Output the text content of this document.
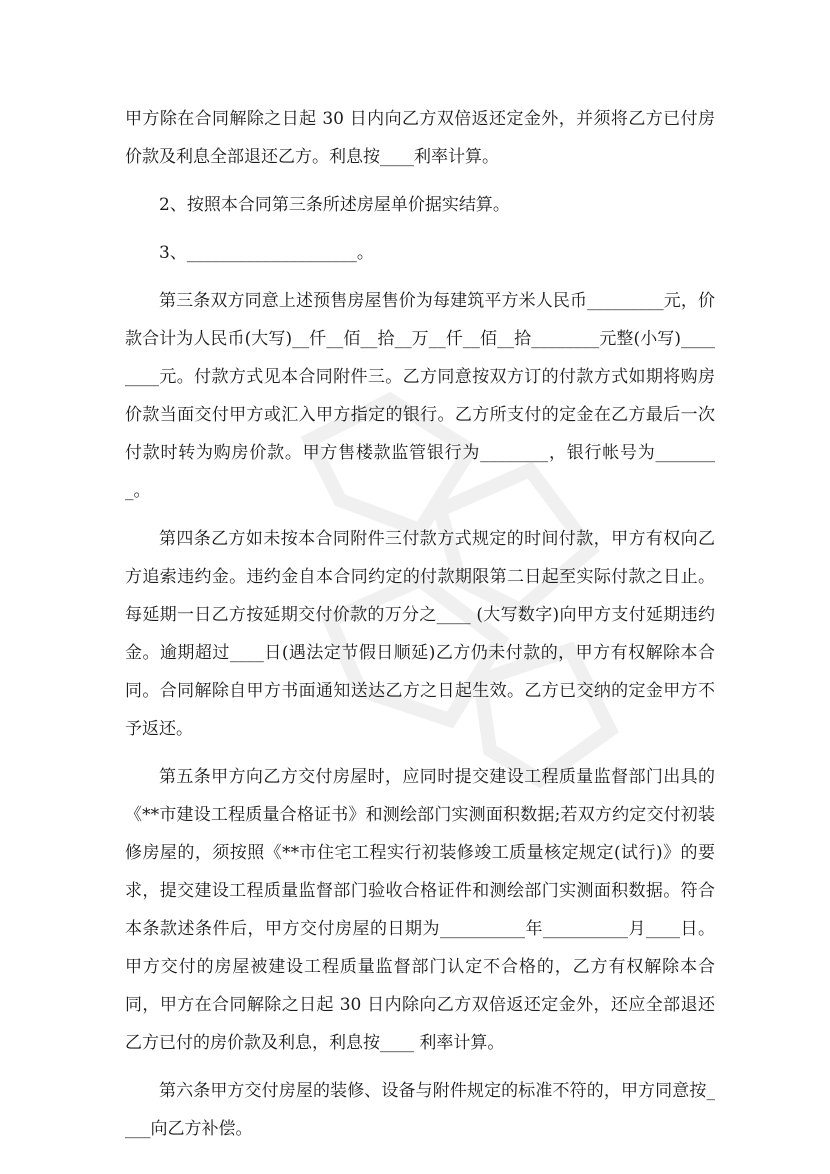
甲方除在合同解除之日起 30 日内向乙方双倍返还定金外，并须将乙方已付房价款及利息全部退还乙方。利息按____利率计算。

2、按照本合同第三条所述房屋单价据实结算。

3、____________________。

第三条双方同意上述预售房屋售价为每建筑平方米人民币_________元，价款合计为人民币(大写)__仟__佰__拾__万__仟__佰__拾________元整(小写)________元。付款方式见本合同附件三。乙方同意按双方订的付款方式如期将购房价款当面交付甲方或汇入甲方指定的银行。乙方所支付的定金在乙方最后一次付款时转为购房价款。甲方售楼款监管银行为________，银行帐号为________。

第四条乙方如未按本合同附件三付款方式规定的时间付款，甲方有权向乙方追索违约金。违约金自本合同约定的付款期限第二日起至实际付款之日止。每延期一日乙方按延期交付价款的万分之____ (大写数字)向甲方支付延期违约金。逾期超过____日(遇法定节假日顺延)乙方仍未付款的，甲方有权解除本合同。合同解除自甲方书面通知送达乙方之日起生效。乙方已交纳的定金甲方不予返还。

第五条甲方向乙方交付房屋时，应同时提交建设工程质量监督部门出具的《**市建设工程质量合格证书》和测绘部门实测面积数据;若双方约定交付初装修房屋的，须按照《**市住宅工程实行初装修竣工质量核定规定(试行)》的要求，提交建设工程质量监督部门验收合格证件和测绘部门实测面积数据。符合本条款述条件后，甲方交付房屋的日期为__________年__________月____日。甲方交付的房屋被建设工程质量监督部门认定不合格的，乙方有权解除本合同，甲方在合同解除之日起 30 日内除向乙方双倍返还定金外，还应全部退还乙方已付的房价款及利息，利息按____ 利率计算。

第六条甲方交付房屋的装修、设备与附件规定的标准不符的，甲方同意按____向乙方补偿。
